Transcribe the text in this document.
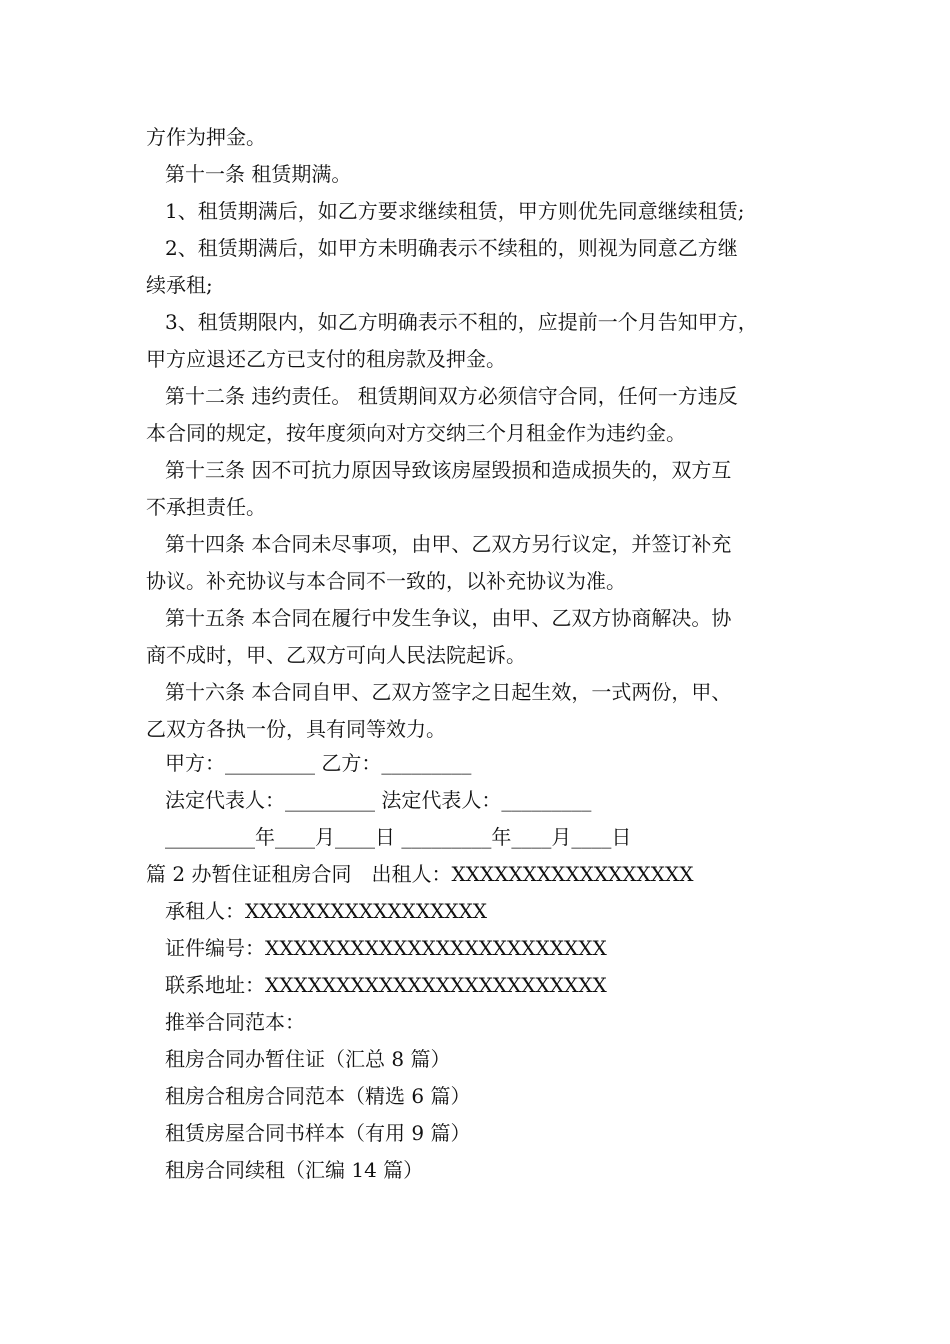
方作为押金。
第十一条 租赁期满。
1、租赁期满后，如乙方要求继续租赁，甲方则优先同意继续租赁;
2、租赁期满后，如甲方未明确表示不续租的，则视为同意乙方继
续承租;
3、租赁期限内，如乙方明确表示不租的，应提前一个月告知甲方，
甲方应退还乙方已支付的租房款及押金。
第十二条 违约责任。 租赁期间双方必须信守合同，任何一方违反
本合同的规定，按年度须向对方交纳三个月租金作为违约金。
第十三条 因不可抗力原因导致该房屋毁损和造成损失的，双方互
不承担责任。
第十四条 本合同未尽事项，由甲、乙双方另行议定，并签订补充
协议。补充协议与本合同不一致的，以补充协议为准。
第十五条 本合同在履行中发生争议，由甲、乙双方协商解决。协
商不成时，甲、乙双方可向人民法院起诉。
第十六条 本合同自甲、乙双方签字之日起生效，一式两份，甲、
乙双方各执一份，具有同等效力。
甲方：_________ 乙方：_________
法定代表人：_________ 法定代表人：_________
_________年____月____日 _________年____月____日
篇 2 办暂住证租房合同　出租人：XXXXXXXXXXXXXXXXX
承租人：XXXXXXXXXXXXXXXXX
证件编号：XXXXXXXXXXXXXXXXXXXXXXXX
联系地址：XXXXXXXXXXXXXXXXXXXXXXXX
推举合同范本：
租房合同办暂住证（汇总 8 篇）
租房合租房合同范本（精选 6 篇）
租赁房屋合同书样本（有用 9 篇）
租房合同续租（汇编 14 篇）
